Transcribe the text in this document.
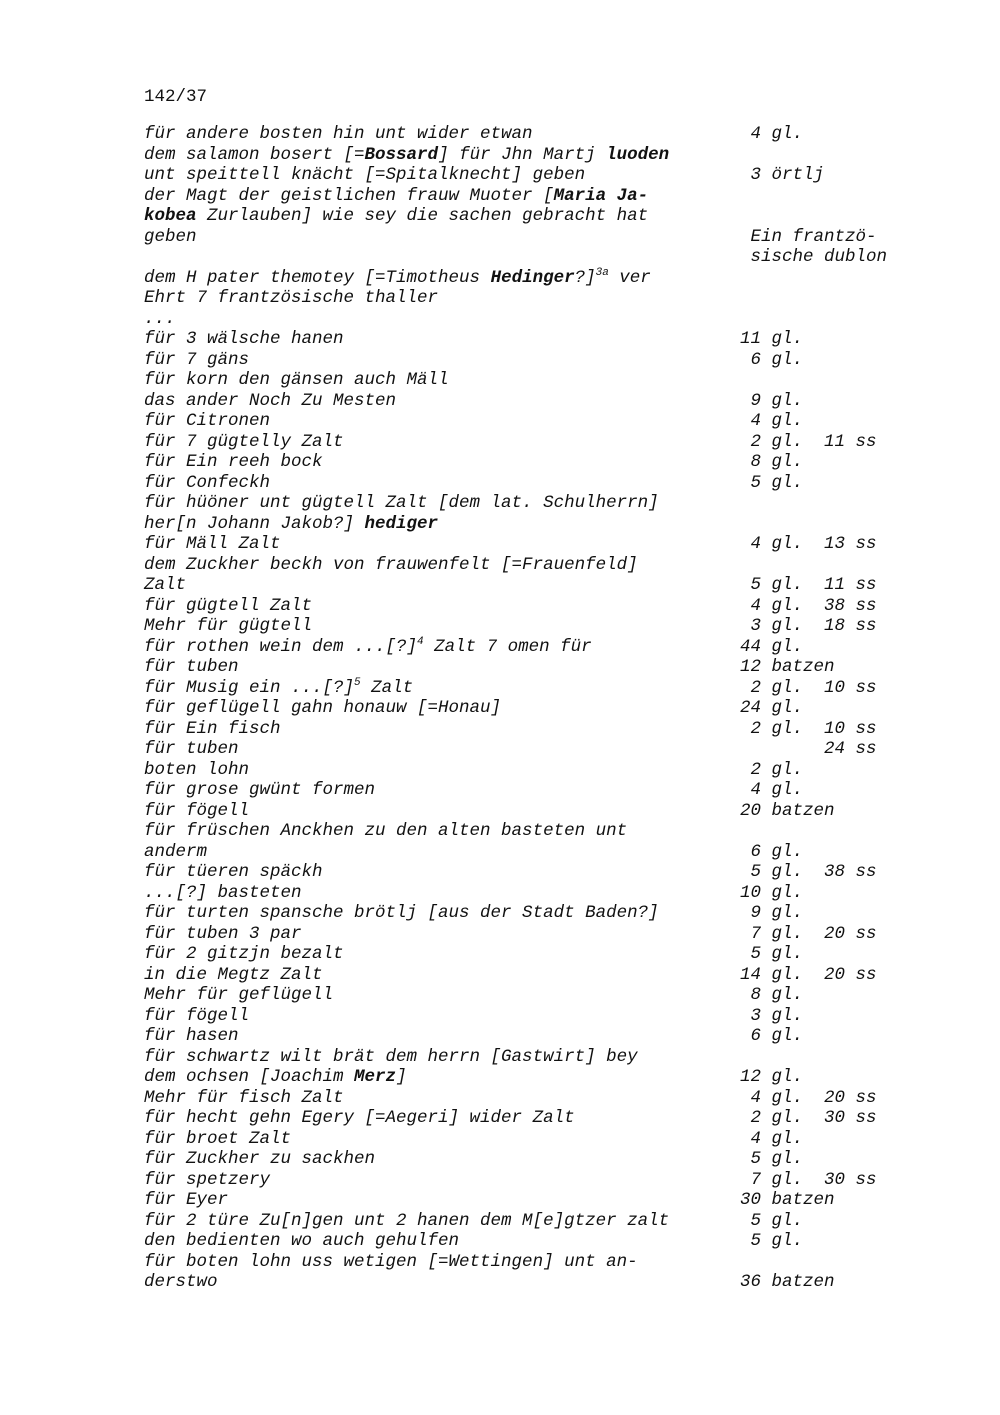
142/37
für andere bosten hin unt wider etwan	4 gl.
dem salamon bosert [=Bossard] für Jhn Martj luoden
unt speittell knächt [=Spitalknecht] geben	3 örtlj
der Magt der geistlichen frauw Muoter [Maria Ja-
kobea Zurlauben] wie sey die sachen gebracht hat
geben	Ein frantzö-
sische dublon
dem H pater themotey [=Timotheus Hedinger?]$^{3a}$ ver
Ehrt 7 frantzösische thaller
...
für 3 wälsche hanen	11 gl.
für 7 gäns	6 gl.
für korn den gänsen auch Mäll
das ander Noch Zu Mesten	9 gl.
für Citronen	4 gl.
für 7 gügtelly Zalt	2 gl.  11 ss
für Ein reeh bock	8 gl.
für Confeckh	5 gl.
für hüöner unt gügtell Zalt [dem lat. Schulherrn]
her[n Johann Jakob?] hediger
für Mäll Zalt	4 gl.  13 ss
dem Zuckher beckh von frauwenfelt [=Frauenfeld]
Zalt	5 gl.  11 ss
für gügtell Zalt	4 gl.  38 ss
Mehr für gügtell	3 gl.  18 ss
für rothen wein dem ...[?]$^4$ Zalt 7 omen für	44 gl.
für tuben	12 batzen
für Musig ein ...[?]$^5$ Zalt	2 gl.  10 ss
für geflügell gahn honauw [=Honau]	24 gl.
für Ein fisch	2 gl.  10 ss
für tuben	24 ss
boten lohn	2 gl.
für grose gwünt formen	4 gl.
für fögell	20 batzen
für früschen Anckhen zu den alten basteten unt
anderm	6 gl.
für tüeren späckh	5 gl.  38 ss
...[?] basteten	10 gl.
für turten spansche brötlj [aus der Stadt Baden?]	9 gl.
für tuben 3 par	7 gl.  20 ss
für 2 gitzjn bezalt	5 gl.
in die Megtz Zalt	14 gl.  20 ss
Mehr für geflügell	8 gl.
für fögell	3 gl.
für hasen	6 gl.
für schwartz wilt brät dem herrn [Gastwirt] bey
dem ochsen [Joachim Merz]	12 gl.
Mehr für fisch Zalt	4 gl.  20 ss
für hecht gehn Egery [=Aegeri] wider Zalt	2 gl.  30 ss
für broet Zalt	4 gl.
für Zuckher zu sackhen	5 gl.
für spetzery	7 gl.  30 ss
für Eyer	30 batzen
für 2 türe Zu[n]gen unt 2 hanen dem M[e]gtzer zalt	5 gl.
den bedienten wo auch gehulfen	5 gl.
für boten lohn uss wetigen [=Wettingen] unt an-
derstwo	36 batzen
